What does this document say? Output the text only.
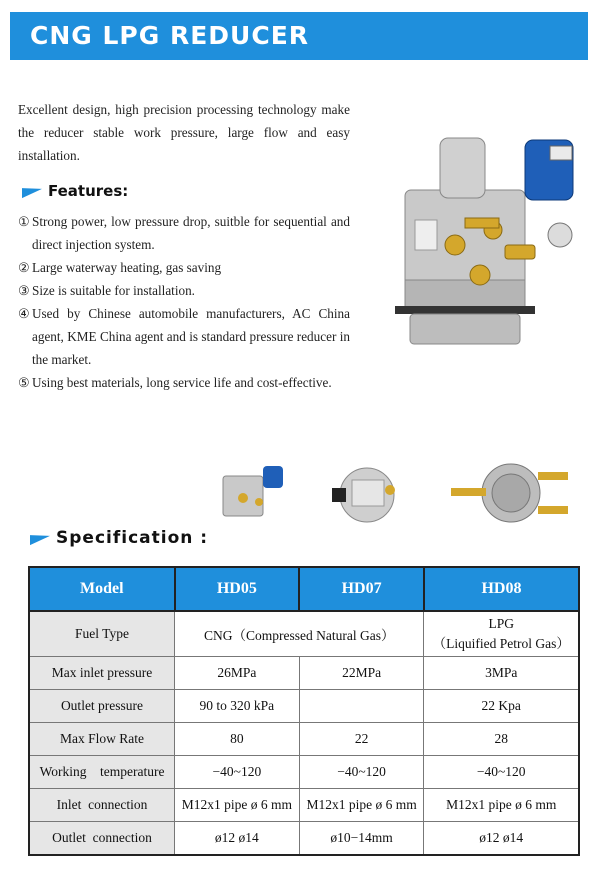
CNG LPG REDUCER
Excellent design, high precision processing technology make the reducer stable work pressure, large flow and easy installation.
Features:
① Strong power, low pressure drop, suitble for sequential and direct injection system.
② Large waterway heating, gas saving
③ Size is suitable for installation.
④ Used by Chinese automobile manufacturers, AC China agent, KME China agent and is standard pressure reducer in the market.
⑤ Using best materials, long service life and cost-effective.
Specification :
Model	HD05	HD07	HD08
Fuel Type	CNG（Compressed Natural Gas）		LPG
（Liquified Petrol Gas）

Max inlet pressure	26MPa	22MPa	3MPa
Outlet pressure	90 to 320 kPa		22 Kpa
Max Flow Rate	80	22	28
Working    temperature	−40~120	−40~120	−40~120
Inlet  connection	M12x1 pipe ø 6 mm	M12x1 pipe ø 6 mm	M12x1 pipe ø 6 mm
Outlet  connection	ø12 ø14	ø10−14mm	ø12 ø14
